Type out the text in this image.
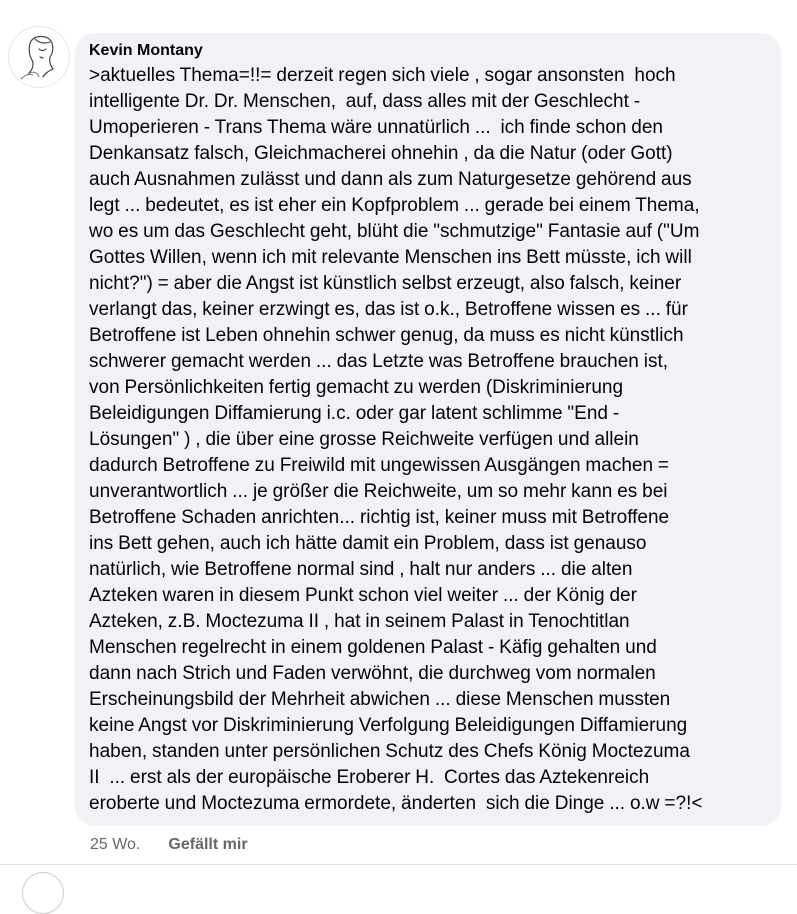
Kevin Montany
>aktuelles Thema=!!= derzeit regen sich viele , sogar ansonsten  hoch
intelligente Dr. Dr. Menschen,  auf, dass alles mit der Geschlecht -
Umoperieren - Trans Thema wäre unnatürlich ...  ich finde schon den
Denkansatz falsch, Gleichmacherei ohnehin , da die Natur (oder Gott)
auch Ausnahmen zulässt und dann als zum Naturgesetze gehörend aus
legt ... bedeutet, es ist eher ein Kopfproblem ... gerade bei einem Thema,
wo es um das Geschlecht geht, blüht die "schmutzige" Fantasie auf ("Um
Gottes Willen, wenn ich mit relevante Menschen ins Bett müsste, ich will
nicht?") = aber die Angst ist künstlich selbst erzeugt, also falsch, keiner
verlangt das, keiner erzwingt es, das ist o.k., Betroffene wissen es ... für
Betroffene ist Leben ohnehin schwer genug, da muss es nicht künstlich
schwerer gemacht werden ... das Letzte was Betroffene brauchen ist,
von Persönlichkeiten fertig gemacht zu werden (Diskriminierung
Beleidigungen Diffamierung i.c. oder gar latent schlimme "End -
Lösungen" ) , die über eine grosse Reichweite verfügen und allein
dadurch Betroffene zu Freiwild mit ungewissen Ausgängen machen =
unverantwortlich ... je größer die Reichweite, um so mehr kann es bei
Betroffene Schaden anrichten... richtig ist, keiner muss mit Betroffene
ins Bett gehen, auch ich hätte damit ein Problem, dass ist genauso
natürlich, wie Betroffene normal sind , halt nur anders ... die alten
Azteken waren in diesem Punkt schon viel weiter ... der König der
Azteken, z.B. Moctezuma II , hat in seinem Palast in Tenochtitlan
Menschen regelrecht in einem goldenen Palast - Käfig gehalten und
dann nach Strich und Faden verwöhnt, die durchweg vom normalen
Erscheinungsbild der Mehrheit abwichen ... diese Menschen mussten
keine Angst vor Diskriminierung Verfolgung Beleidigungen Diffamierung
haben, standen unter persönlichen Schutz des Chefs König Moctezuma
II  ... erst als der europäische Eroberer H.  Cortes das Aztekenreich
eroberte und Moctezuma ermordete, änderten  sich die Dinge ... o.w =?!<
25 Wo. Gefällt mir
